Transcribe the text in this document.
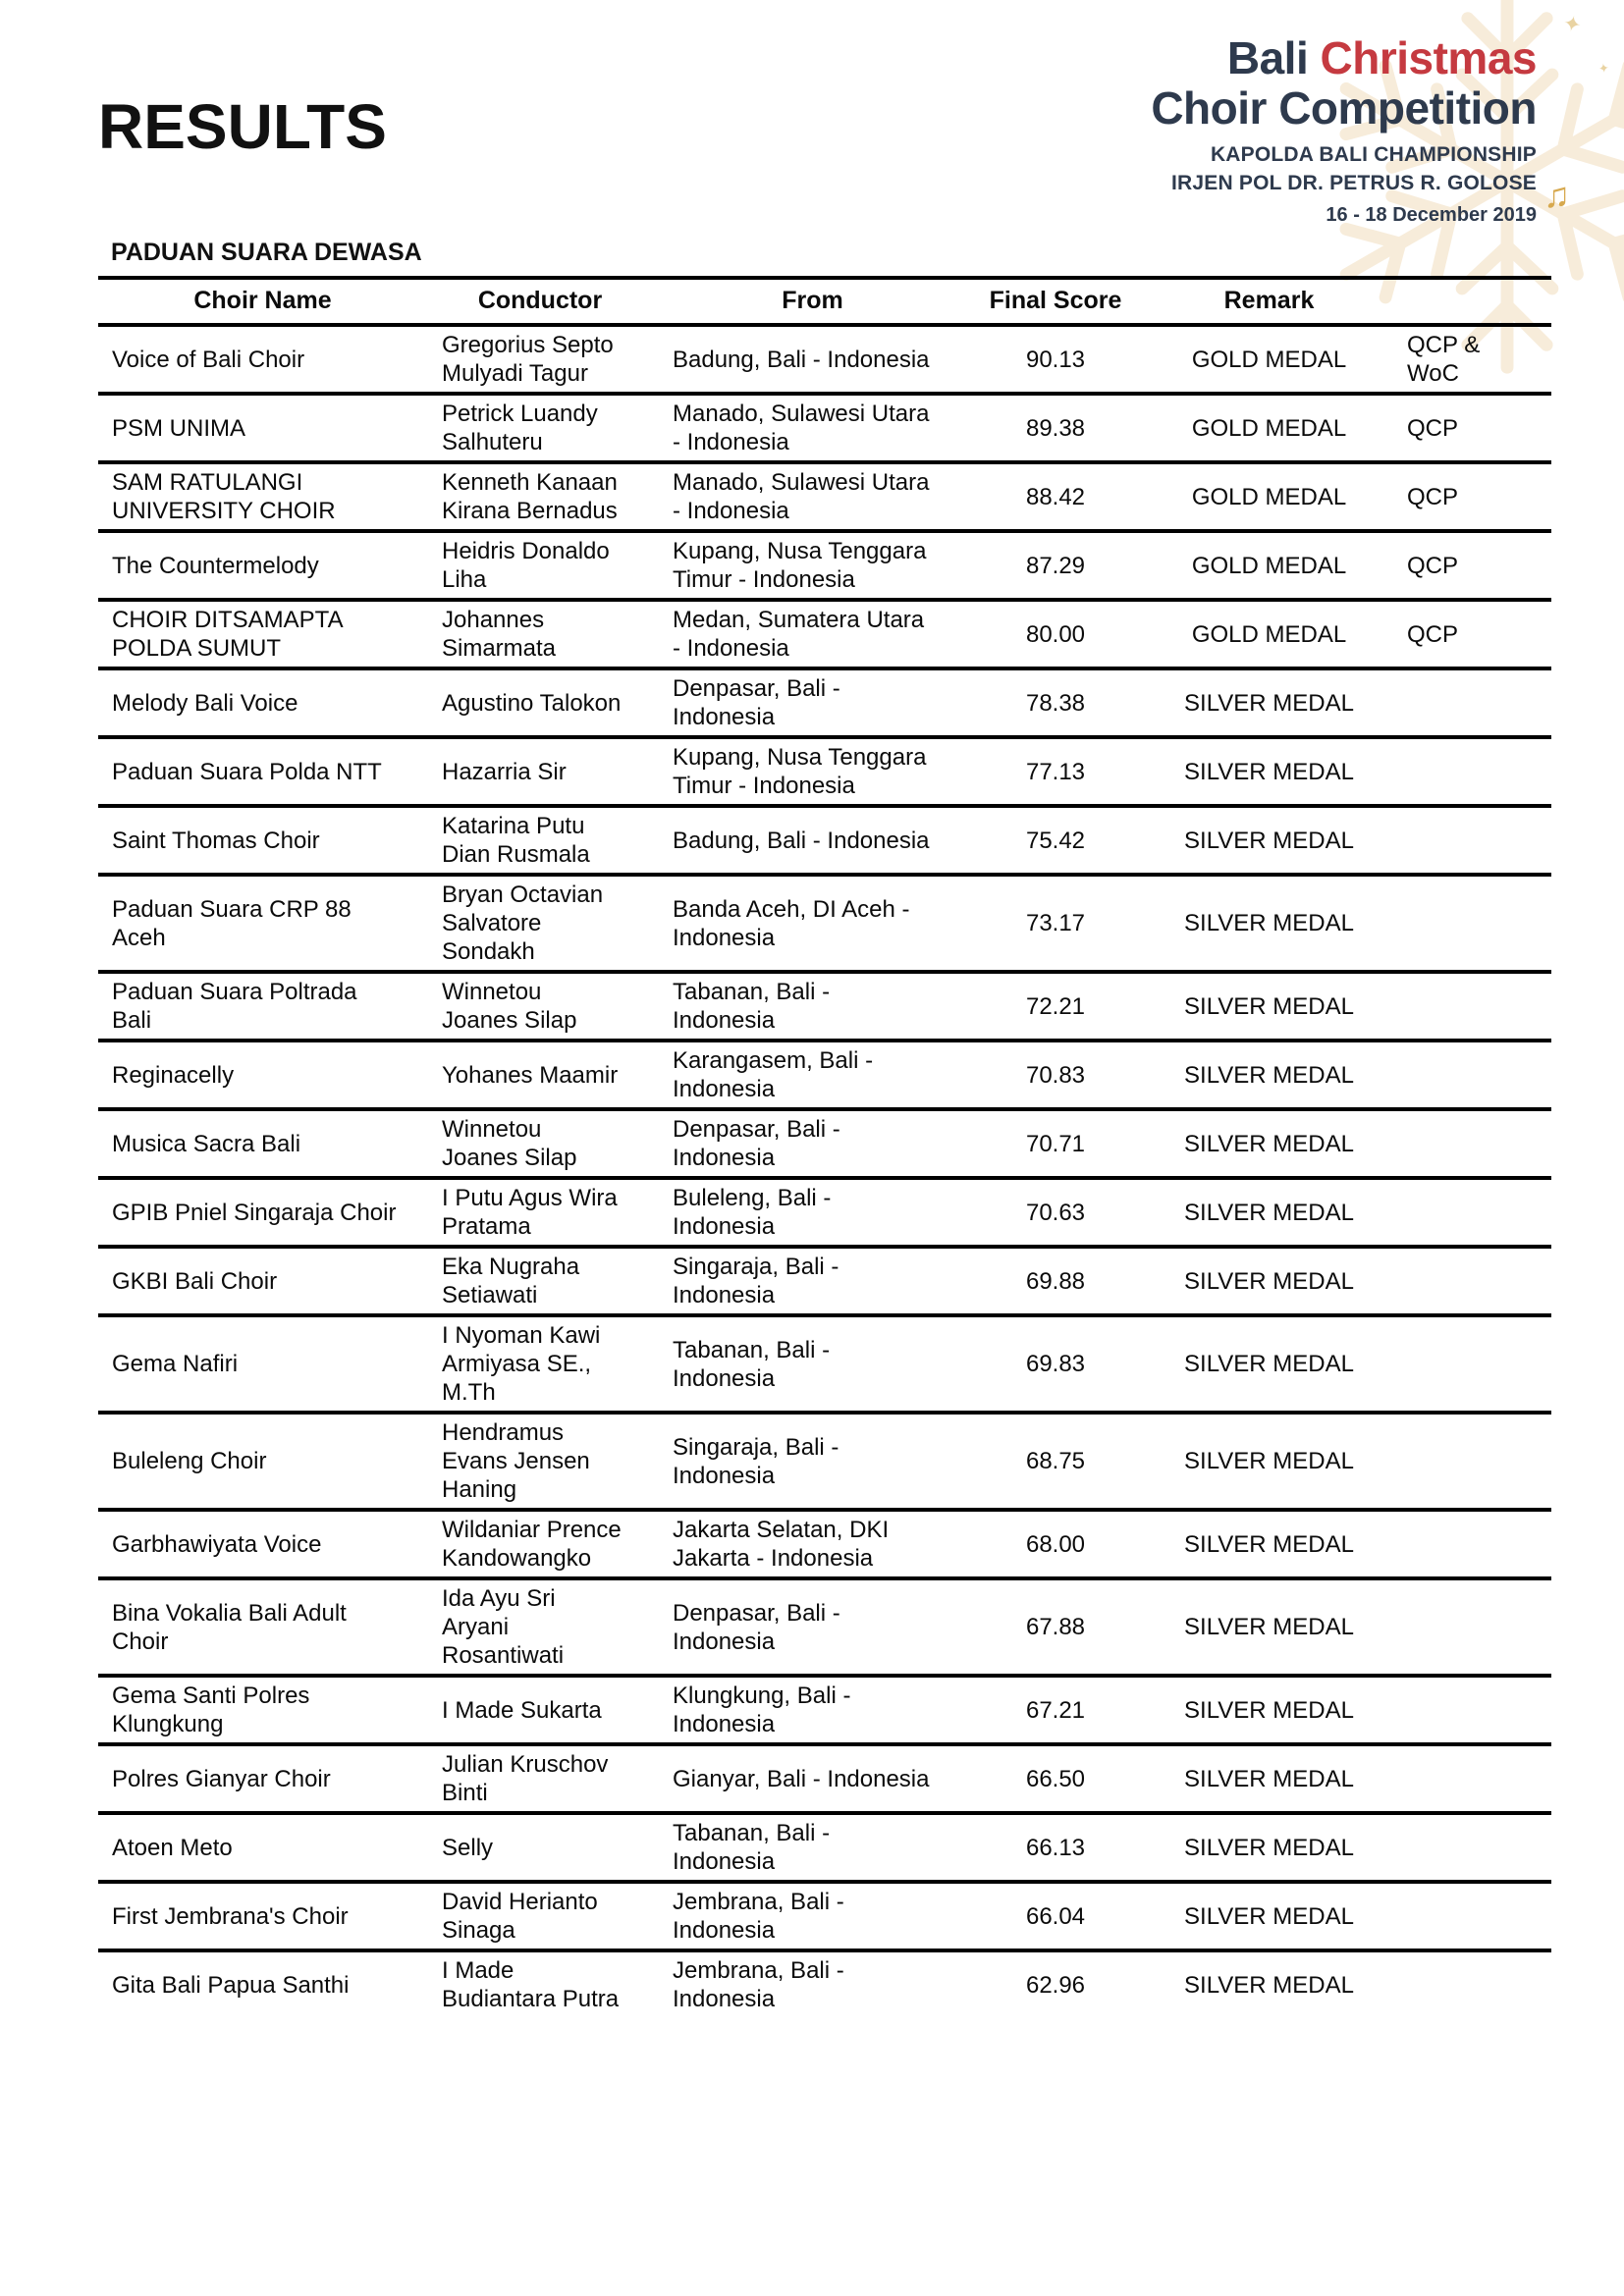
✦
✦
RESULTS
Bali Christmas
Choir Competition
KAPOLDA BALI CHAMPIONSHIP
IRJEN POL DR. PETRUS R. GOLOSE
16 - 18 December 2019 ♫
PADUAN SUARA DEWASA
Choir Name	Conductor	From	Final Score	Remark	
Voice of Bali Choir	Gregorius Septo Mulyadi Tagur	Badung, Bali - Indonesia	90.13	GOLD MEDAL	QCP & WoC
PSM UNIMA	Petrick Luandy Salhuteru	Manado, Sulawesi Utara - Indonesia	89.38	GOLD MEDAL	QCP
SAM RATULANGI UNIVERSITY CHOIR	Kenneth Kanaan Kirana Bernadus	Manado, Sulawesi Utara - Indonesia	88.42	GOLD MEDAL	QCP
The Countermelody	Heidris Donaldo Liha	Kupang, Nusa Tenggara Timur - Indonesia	87.29	GOLD MEDAL	QCP
CHOIR DITSAMAPTA POLDA SUMUT	Johannes Simarmata	Medan, Sumatera Utara - Indonesia	80.00	GOLD MEDAL	QCP
Melody Bali Voice	Agustino Talokon	Denpasar, Bali - Indonesia	78.38	SILVER MEDAL	
Paduan Suara Polda NTT	Hazarria Sir	Kupang, Nusa Tenggara Timur - Indonesia	77.13	SILVER MEDAL	
Saint Thomas Choir	Katarina Putu Dian Rusmala	Badung, Bali - Indonesia	75.42	SILVER MEDAL	
Paduan Suara CRP 88 Aceh	Bryan Octavian Salvatore Sondakh	Banda Aceh, DI Aceh - Indonesia	73.17	SILVER MEDAL	
Paduan Suara Poltrada Bali	Winnetou Joanes Silap	Tabanan, Bali - Indonesia	72.21	SILVER MEDAL	
Reginacelly	Yohanes Maamir	Karangasem, Bali - Indonesia	70.83	SILVER MEDAL	
Musica Sacra Bali	Winnetou Joanes Silap	Denpasar, Bali - Indonesia	70.71	SILVER MEDAL	
GPIB Pniel Singaraja Choir	I Putu Agus Wira Pratama	Buleleng, Bali - Indonesia	70.63	SILVER MEDAL	
GKBI Bali Choir	Eka Nugraha Setiawati	Singaraja, Bali - Indonesia	69.88	SILVER MEDAL	
Gema Nafiri	I Nyoman Kawi Armiyasa SE., M.Th	Tabanan, Bali - Indonesia	69.83	SILVER MEDAL	
Buleleng Choir	Hendramus Evans Jensen Haning	Singaraja, Bali - Indonesia	68.75	SILVER MEDAL	
Garbhawiyata Voice	Wildaniar Prence Kandowangko	Jakarta Selatan, DKI Jakarta - Indonesia	68.00	SILVER MEDAL	
Bina Vokalia Bali Adult Choir	Ida Ayu Sri Aryani Rosantiwati	Denpasar, Bali - Indonesia	67.88	SILVER MEDAL	
Gema Santi Polres Klungkung	I Made Sukarta	Klungkung, Bali - Indonesia	67.21	SILVER MEDAL	
Polres Gianyar Choir	Julian Kruschov Binti	Gianyar, Bali - Indonesia	66.50	SILVER MEDAL	
Atoen Meto	Selly	Tabanan, Bali - Indonesia	66.13	SILVER MEDAL	
First Jembrana's Choir	David Herianto Sinaga	Jembrana, Bali - Indonesia	66.04	SILVER MEDAL	
Gita Bali Papua Santhi	I Made Budiantara Putra	Jembrana, Bali - Indonesia	62.96	SILVER MEDAL	
